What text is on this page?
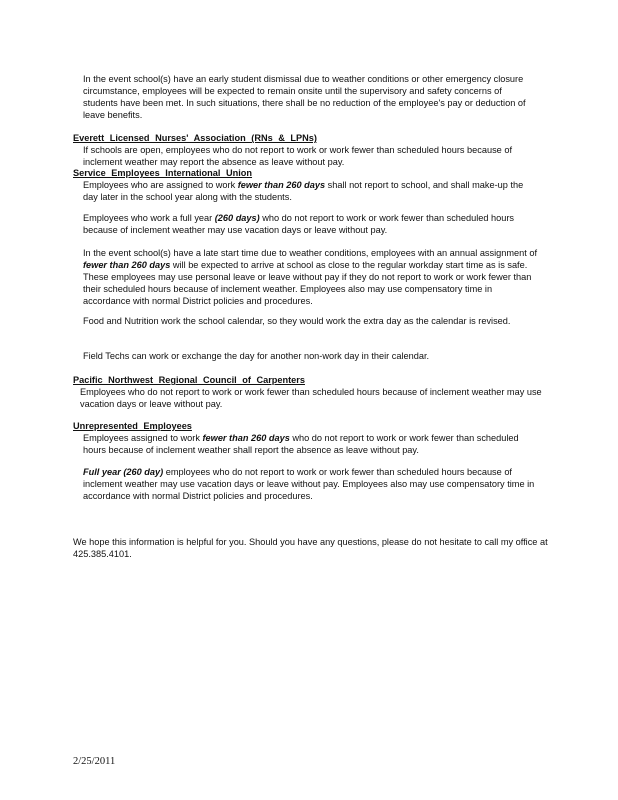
In the event school(s) have an early student dismissal due to weather conditions or other emergency closure circumstance, employees will be expected to remain onsite until the supervisory and safety concerns of students have been met. In such situations, there shall be no reduction of the employee's pay or deduction of leave benefits.
Everett Licensed Nurses' Association (RNs & LPNs)
If schools are open, employees who do not report to work or work fewer than scheduled hours because of inclement weather may report the absence as leave without pay.
Service Employees International Union
Employees who are assigned to work fewer than 260 days shall not report to school, and shall make-up the day later in the school year along with the students.
Employees who work a full year (260 days) who do not report to work or work fewer than scheduled hours because of inclement weather may use vacation days or leave without pay.
In the event school(s) have a late start time due to weather conditions, employees with an annual assignment of fewer than 260 days will be expected to arrive at school as close to the regular workday start time as is safe. These employees may use personal leave or leave without pay if they do not report to work or work fewer than their scheduled hours because of inclement weather. Employees also may use compensatory time in accordance with normal District policies and procedures.
Food and Nutrition work the school calendar, so they would work the extra day as the calendar is revised.
Field Techs can work or exchange the day for another non-work day in their calendar.
Pacific Northwest Regional Council of Carpenters
Employees who do not report to work or work fewer than scheduled hours because of inclement weather may use vacation days or leave without pay.
Unrepresented Employees
Employees assigned to work fewer than 260 days who do not report to work or work fewer than scheduled hours because of inclement weather shall report the absence as leave without pay.
Full year (260 day) employees who do not report to work or work fewer than scheduled hours because of inclement weather may use vacation days or leave without pay. Employees also may use compensatory time in accordance with normal District policies and procedures.
We hope this information is helpful for you. Should you have any questions, please do not hesitate to call my office at 425.385.4101.
2/25/2011
